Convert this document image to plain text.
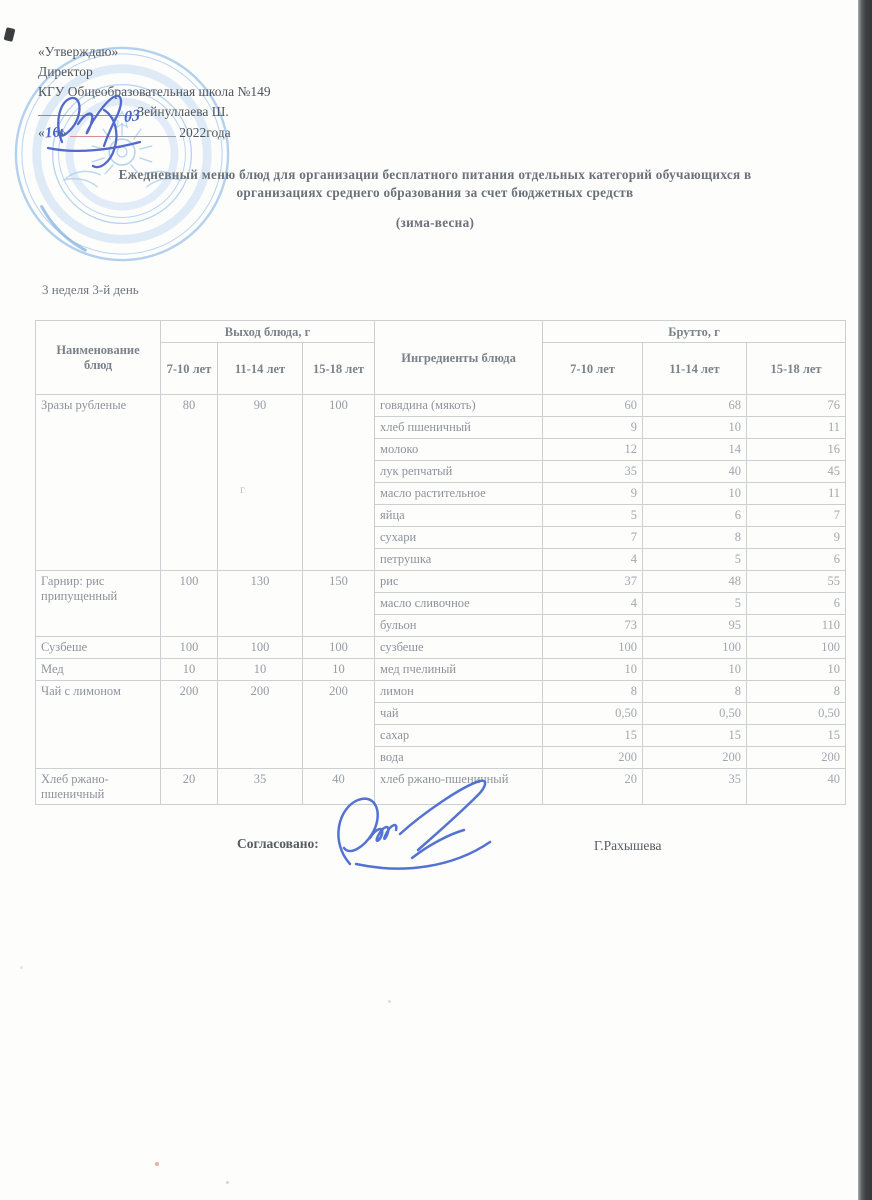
г
«Утверждаю»
Директор
КГУ Общеобразовательная школа №149
Зейнуллаева Ш.
«16»
03
2022года
Ежедневный меню блюд для организации бесплатного питания отдельных категорий обучающихся в
организациях среднего образования за счет бюджетных средств
(зима-весна)
3 неделя 3-й день
Наименование блюд	Выход блюда, г			Ингредиенты блюда	Брутто, г		
	7-10 лет	11-14 лет	15-18 лет		7-10 лет	11-14 лет	15-18 лет
Зразы рубленые	80	90	100	говядина (мякоть)	60	68	76
				хлеб пшеничный	9	10	11
				молоко	12	14	16
				лук репчатый	35	40	45
				масло растительное	9	10	11
				яйца	5	6	7
				сухари	7	8	9
				петрушка	4	5	6
Гарнир: рис припущенный	100	130	150	рис	37	48	55
				масло сливочное	4	5	6
				бульон	73	95	110
Сузбеше	100	100	100	сузбеше	100	100	100
Мед	10	10	10	мед пчелиный	10	10	10
Чай с лимоном	200	200	200	лимон	8	8	8
				чай	0,50	0,50	0,50
				сахар	15	15	15
				вода	200	200	200
Хлеб ржано-пшеничный	20	35	40	хлеб ржано-пшеничный	20	35	40
Согласовано:	Г.Рахышева
